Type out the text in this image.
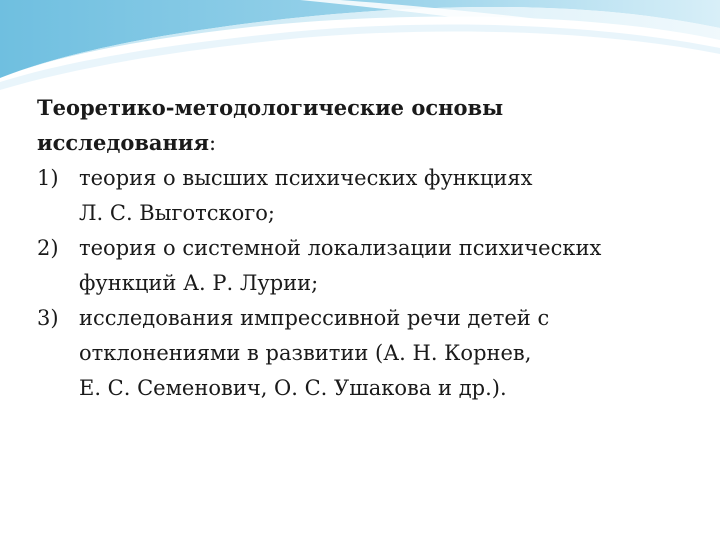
Теоретико-методологические основы исследования:

1) теория о высших психических функциях
Л. С. Выготского;
2) теория о системной локализации психических
функций А. Р. Лурии;
3) исследования импрессивной речи детей с
отклонениями в развитии (А. Н. Корнев,
Е. С. Семенович, О. С. Ушакова и др.).
